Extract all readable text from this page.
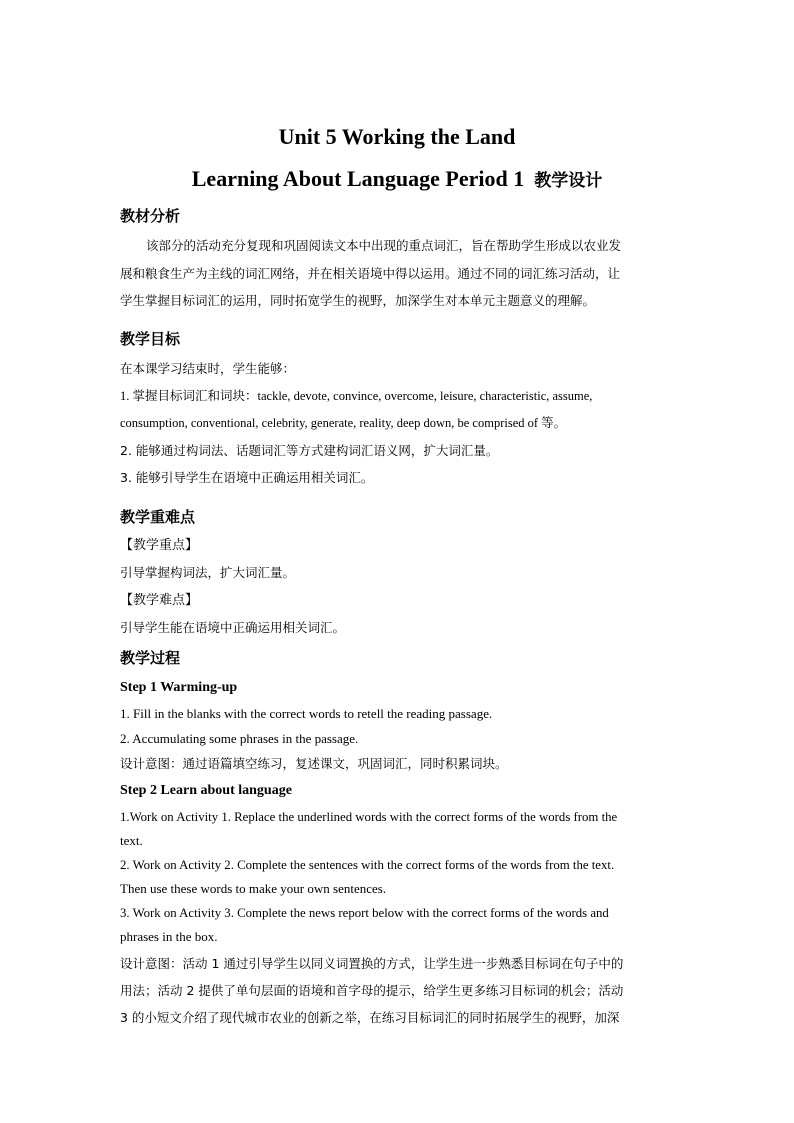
Unit 5 Working the Land
Learning About Language Period 1 教学设计
教材分析
该部分的活动充分复现和巩固阅读文本中出现的重点词汇，旨在帮助学生形成以农业发
展和粮食生产为主线的词汇网络，并在相关语境中得以运用。通过不同的词汇练习活动，让
学生掌握目标词汇的运用，同时拓宽学生的视野，加深学生对本单元主题意义的理解。
教学目标
在本课学习结束时，学生能够：
1. 掌握目标词汇和词块：tackle, devote, convince, overcome, leisure, characteristic, assume,
consumption, conventional, celebrity, generate, reality, deep down, be comprised of 等。
2. 能够通过构词法、话题词汇等方式建构词汇语义网，扩大词汇量。
3. 能够引导学生在语境中正确运用相关词汇。
教学重难点
【教学重点】
引导掌握构词法，扩大词汇量。
【教学难点】
引导学生能在语境中正确运用相关词汇。
教学过程
Step 1 Warming-up
1. Fill in the blanks with the correct words to retell the reading passage.
2. Accumulating some phrases in the passage.
设计意图：通过语篇填空练习，复述课文，巩固词汇，同时积累词块。
Step 2 Learn about language
1.Work on Activity 1. Replace the underlined words with the correct forms of the words from the
text.
2. Work on Activity 2. Complete the sentences with the correct forms of the words from the text.
Then use these words to make your own sentences.
3. Work on Activity 3. Complete the news report below with the correct forms of the words and
phrases in the box.
设计意图：活动 1 通过引导学生以同义词置换的方式，让学生进一步熟悉目标词在句子中的
用法；活动 2 提供了单句层面的语境和首字母的提示，给学生更多练习目标词的机会；活动
3 的小短文介绍了现代城市农业的创新之举，在练习目标词汇的同时拓展学生的视野，加深
